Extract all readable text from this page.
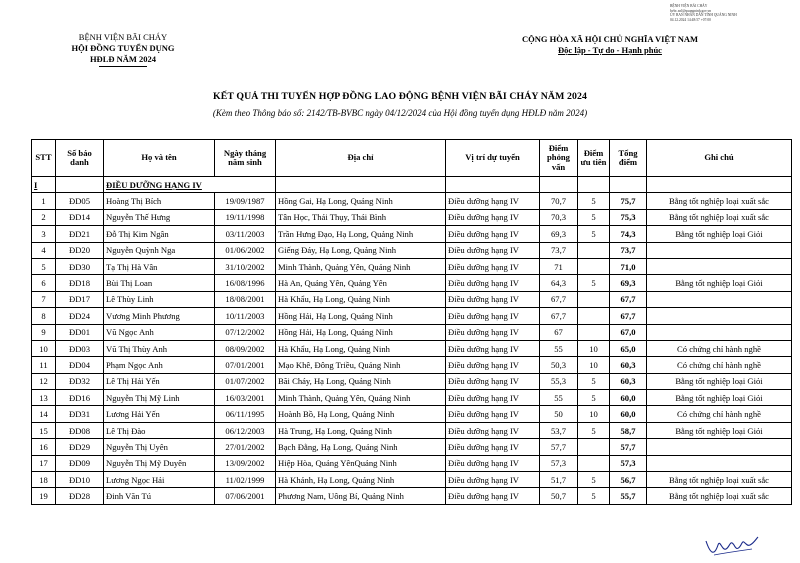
BỆNH VIỆN BÃI CHÁY
bvbc.snl@quangninh.gov.vn
ỦY BAN NHÂN DÂN TỈNH QUẢNG NINH
04.12.2024 14:48:57 +07:00
BỆNH VIỆN BÃI CHÁY
HỘI ĐỒNG TUYỂN DỤNG
HĐLĐ NĂM 2024
CỘNG HÒA XÃ HỘI CHỦ NGHĨA VIỆT NAM
Độc lập - Tự do - Hạnh phúc
KẾT QUẢ THI TUYỂN HỢP ĐỒNG LAO ĐỘNG BỆNH VIỆN BÃI CHÁY NĂM 2024
(Kèm theo Thông báo số: 2142/TB-BVBC ngày 04/12/2024 của Hội đồng tuyển dụng HĐLĐ năm 2024)
STT	Số báo danh	Họ và tên	Ngày tháng năm sinh	Địa chỉ	Vị trí dự tuyển	Điểm phỏng vấn	Điểm ưu tiên	Tổng điểm	Ghi chú
I		ĐIỀU DƯỠNG HẠNG IV							
1	ĐD05	Hoàng Thị Bích	19/09/1987	Hồng Gai, Hạ Long, Quảng Ninh	Điều dưỡng hạng IV	70,7	5	75,7	Bằng tốt nghiệp loại xuất sắc
2	ĐD14	Nguyễn Thế Hưng	19/11/1998	Tân Học, Thái Thụy, Thái Bình	Điều dưỡng hạng IV	70,3	5	75,3	Bằng tốt nghiệp loại xuất sắc
3	ĐD21	Đỗ Thị Kim Ngân	03/11/2003	Trần Hưng Đạo, Hạ Long, Quảng Ninh	Điều dưỡng hạng IV	69,3	5	74,3	Bằng tốt nghiệp loại Giỏi
4	ĐD20	Nguyễn Quỳnh Nga	01/06/2002	Giếng Đáy, Hạ Long, Quảng Ninh	Điều dưỡng hạng IV	73,7		73,7	
5	ĐD30	Tạ Thị Hà Vân	31/10/2002	Minh Thành, Quảng Yên, Quảng Ninh	Điều dưỡng hạng IV	71		71,0	
6	ĐD18	Bùi Thị Loan	16/08/1996	Hà An, Quảng Yên, Quảng Yên	Điều dưỡng hạng IV	64,3	5	69,3	Bằng tốt nghiệp loại Giỏi
7	ĐD17	Lê Thùy Linh	18/08/2001	Hà Khẩu, Hạ Long, Quảng Ninh	Điều dưỡng hạng IV	67,7		67,7	
8	ĐD24	Vương Minh Phương	10/11/2003	Hồng Hải, Hạ Long, Quảng Ninh	Điều dưỡng hạng IV	67,7		67,7	
9	ĐD01	Vũ Ngọc Anh	07/12/2002	Hồng Hải, Hạ Long, Quảng Ninh	Điều dưỡng hạng IV	67		67,0	
10	ĐD03	Vũ Thị Thùy Anh	08/09/2002	Hà Khẩu, Hạ Long, Quảng Ninh	Điều dưỡng hạng IV	55	10	65,0	Có chứng chỉ hành nghề
11	ĐD04	Phạm Ngọc Anh	07/01/2001	Mạo Khê, Đông Triều, Quảng Ninh	Điều dưỡng hạng IV	50,3	10	60,3	Có chứng chỉ hành nghề
12	ĐD32	Lê Thị Hải Yến	01/07/2002	Bãi Cháy, Hạ Long, Quảng Ninh	Điều dưỡng hạng IV	55,3	5	60,3	Bằng tốt nghiệp loại Giỏi
13	ĐD16	Nguyễn Thị Mỹ Linh	16/03/2001	Minh Thành, Quảng Yên, Quảng Ninh	Điều dưỡng hạng IV	55	5	60,0	Bằng tốt nghiệp loại Giỏi
14	ĐD31	Lương Hải Yến	06/11/1995	Hoành Bồ, Hạ Long, Quảng Ninh	Điều dưỡng hạng IV	50	10	60,0	Có chứng chỉ hành nghề
15	ĐD08	Lê Thị Đào	06/12/2003	Hà Trung, Hạ Long, Quảng Ninh	Điều dưỡng hạng IV	53,7	5	58,7	Bằng tốt nghiệp loại Giỏi
16	ĐD29	Nguyễn Thị Uyên	27/01/2002	Bạch Đằng, Hạ Long, Quảng Ninh	Điều dưỡng hạng IV	57,7		57,7	
17	ĐD09	Nguyễn Thị Mỹ Duyên	13/09/2002	Hiệp Hòa, Quảng YênQuảng Ninh	Điều dưỡng hạng IV	57,3		57,3	
18	ĐD10	Lương Ngọc Hải	11/02/1999	Hà Khánh, Hạ Long, Quảng Ninh	Điều dưỡng hạng IV	51,7	5	56,7	Bằng tốt nghiệp loại xuất sắc
19	ĐD28	Đinh Văn Tú	07/06/2001	Phương Nam, Uông Bí, Quảng Ninh	Điều dưỡng hạng IV	50,7	5	55,7	Bằng tốt nghiệp loại xuất sắc
